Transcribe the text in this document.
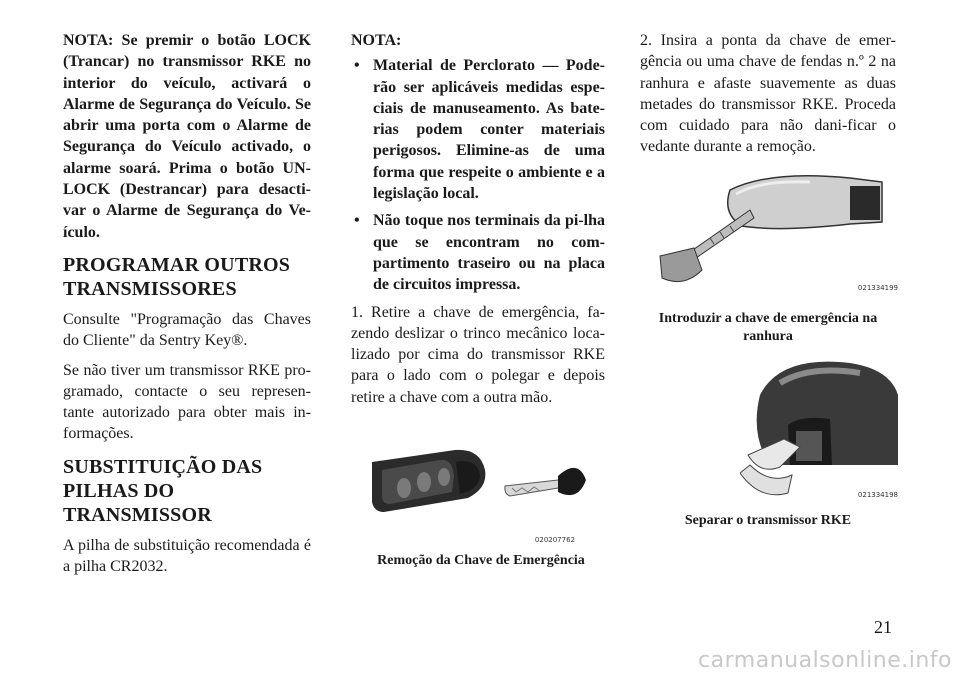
NOTA: Se premir o botão LOCK (Trancar) no transmissor RKE no interior do veículo, activará o Alarme de Segurança do Veículo. Se abrir uma porta com o Alarme de Segurança do Veículo activado, o alarme soará. Prima o botão UN-LOCK (Destrancar) para desacti-var o Alarme de Segurança do Ve-ículo.

PROGRAMAR OUTROS
TRANSMISSORES

Consulte "Programação das Chaves do Cliente" da Sentry Key®.

Se não tiver um transmissor RKE pro-gramado, contacte o seu represen-tante autorizado para obter mais in-formações.

SUBSTITUIÇÃO DAS
PILHAS DO TRANSMISSOR

A pilha de substituição recomendada é a pilha CR2032.

NOTA:

• Material de Perclorato — Pode-rão ser aplicáveis medidas espe-ciais de manuseamento. As bate-rias podem conter materiais perigosos. Elimine-as de uma forma que respeite o ambiente e a legislação local.
• Não toque nos terminais da pi-lha que se encontram no com-partimento traseiro ou na placa de circuitos impressa.

1. Retire a chave de emergência, fa-zendo deslizar o trinco mecânico loca-lizado por cima do transmissor RKE para o lado com o polegar e depois retire a chave com a outra mão.

020207762
Remoção da Chave de Emergência

2. Insira a ponta da chave de emer-gência ou uma chave de fendas n.º 2 na ranhura e afaste suavemente as duas metades do transmissor RKE. Proceda com cuidado para não dani-ficar o vedante durante a remoção.

021334199
Introduzir a chave de emergência na
ranhura
021334198
Separar o transmissor RKE
21
carmanualsonline.info
